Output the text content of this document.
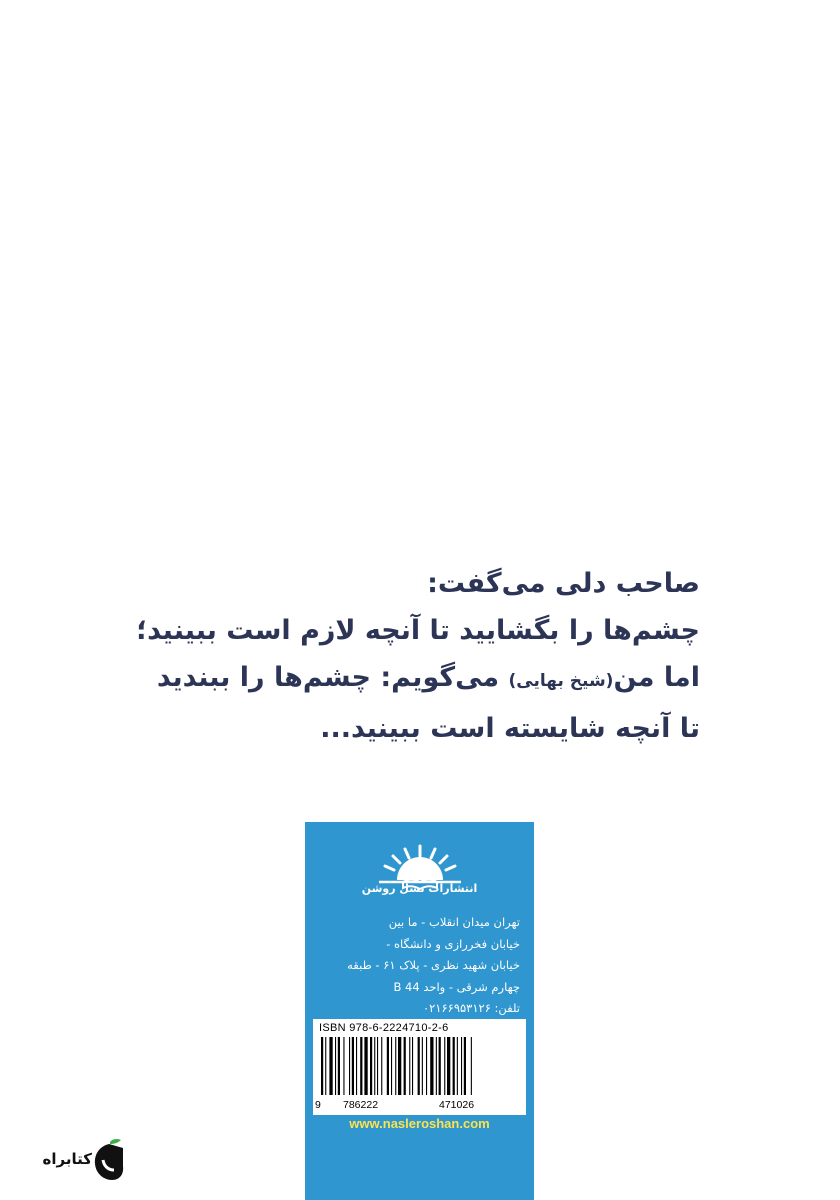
صاحب دلی می‌گفت:
چشم‌ها را بگشایید تا آنچه لازم است ببینید؛
اما من(شیخ بهایی) می‌گویم: چشم‌ها را ببندید
تا آنچه شایسته است ببینید...
انتشارات نسل روشن
تهران میدان انقلاب - ما بین
خیابان فخررازی و دانشگاه -
خیابان شهید نظری - پلاک ۶۱ - طبقه
چهارم شرقی - واحد 44 B
تلفن: ۰۲۱۶۶۹۵۳۱۲۶
ISBN 978-6-2224710-2-6
9 786222	471026
www.nasleroshan.com
کتابراه
